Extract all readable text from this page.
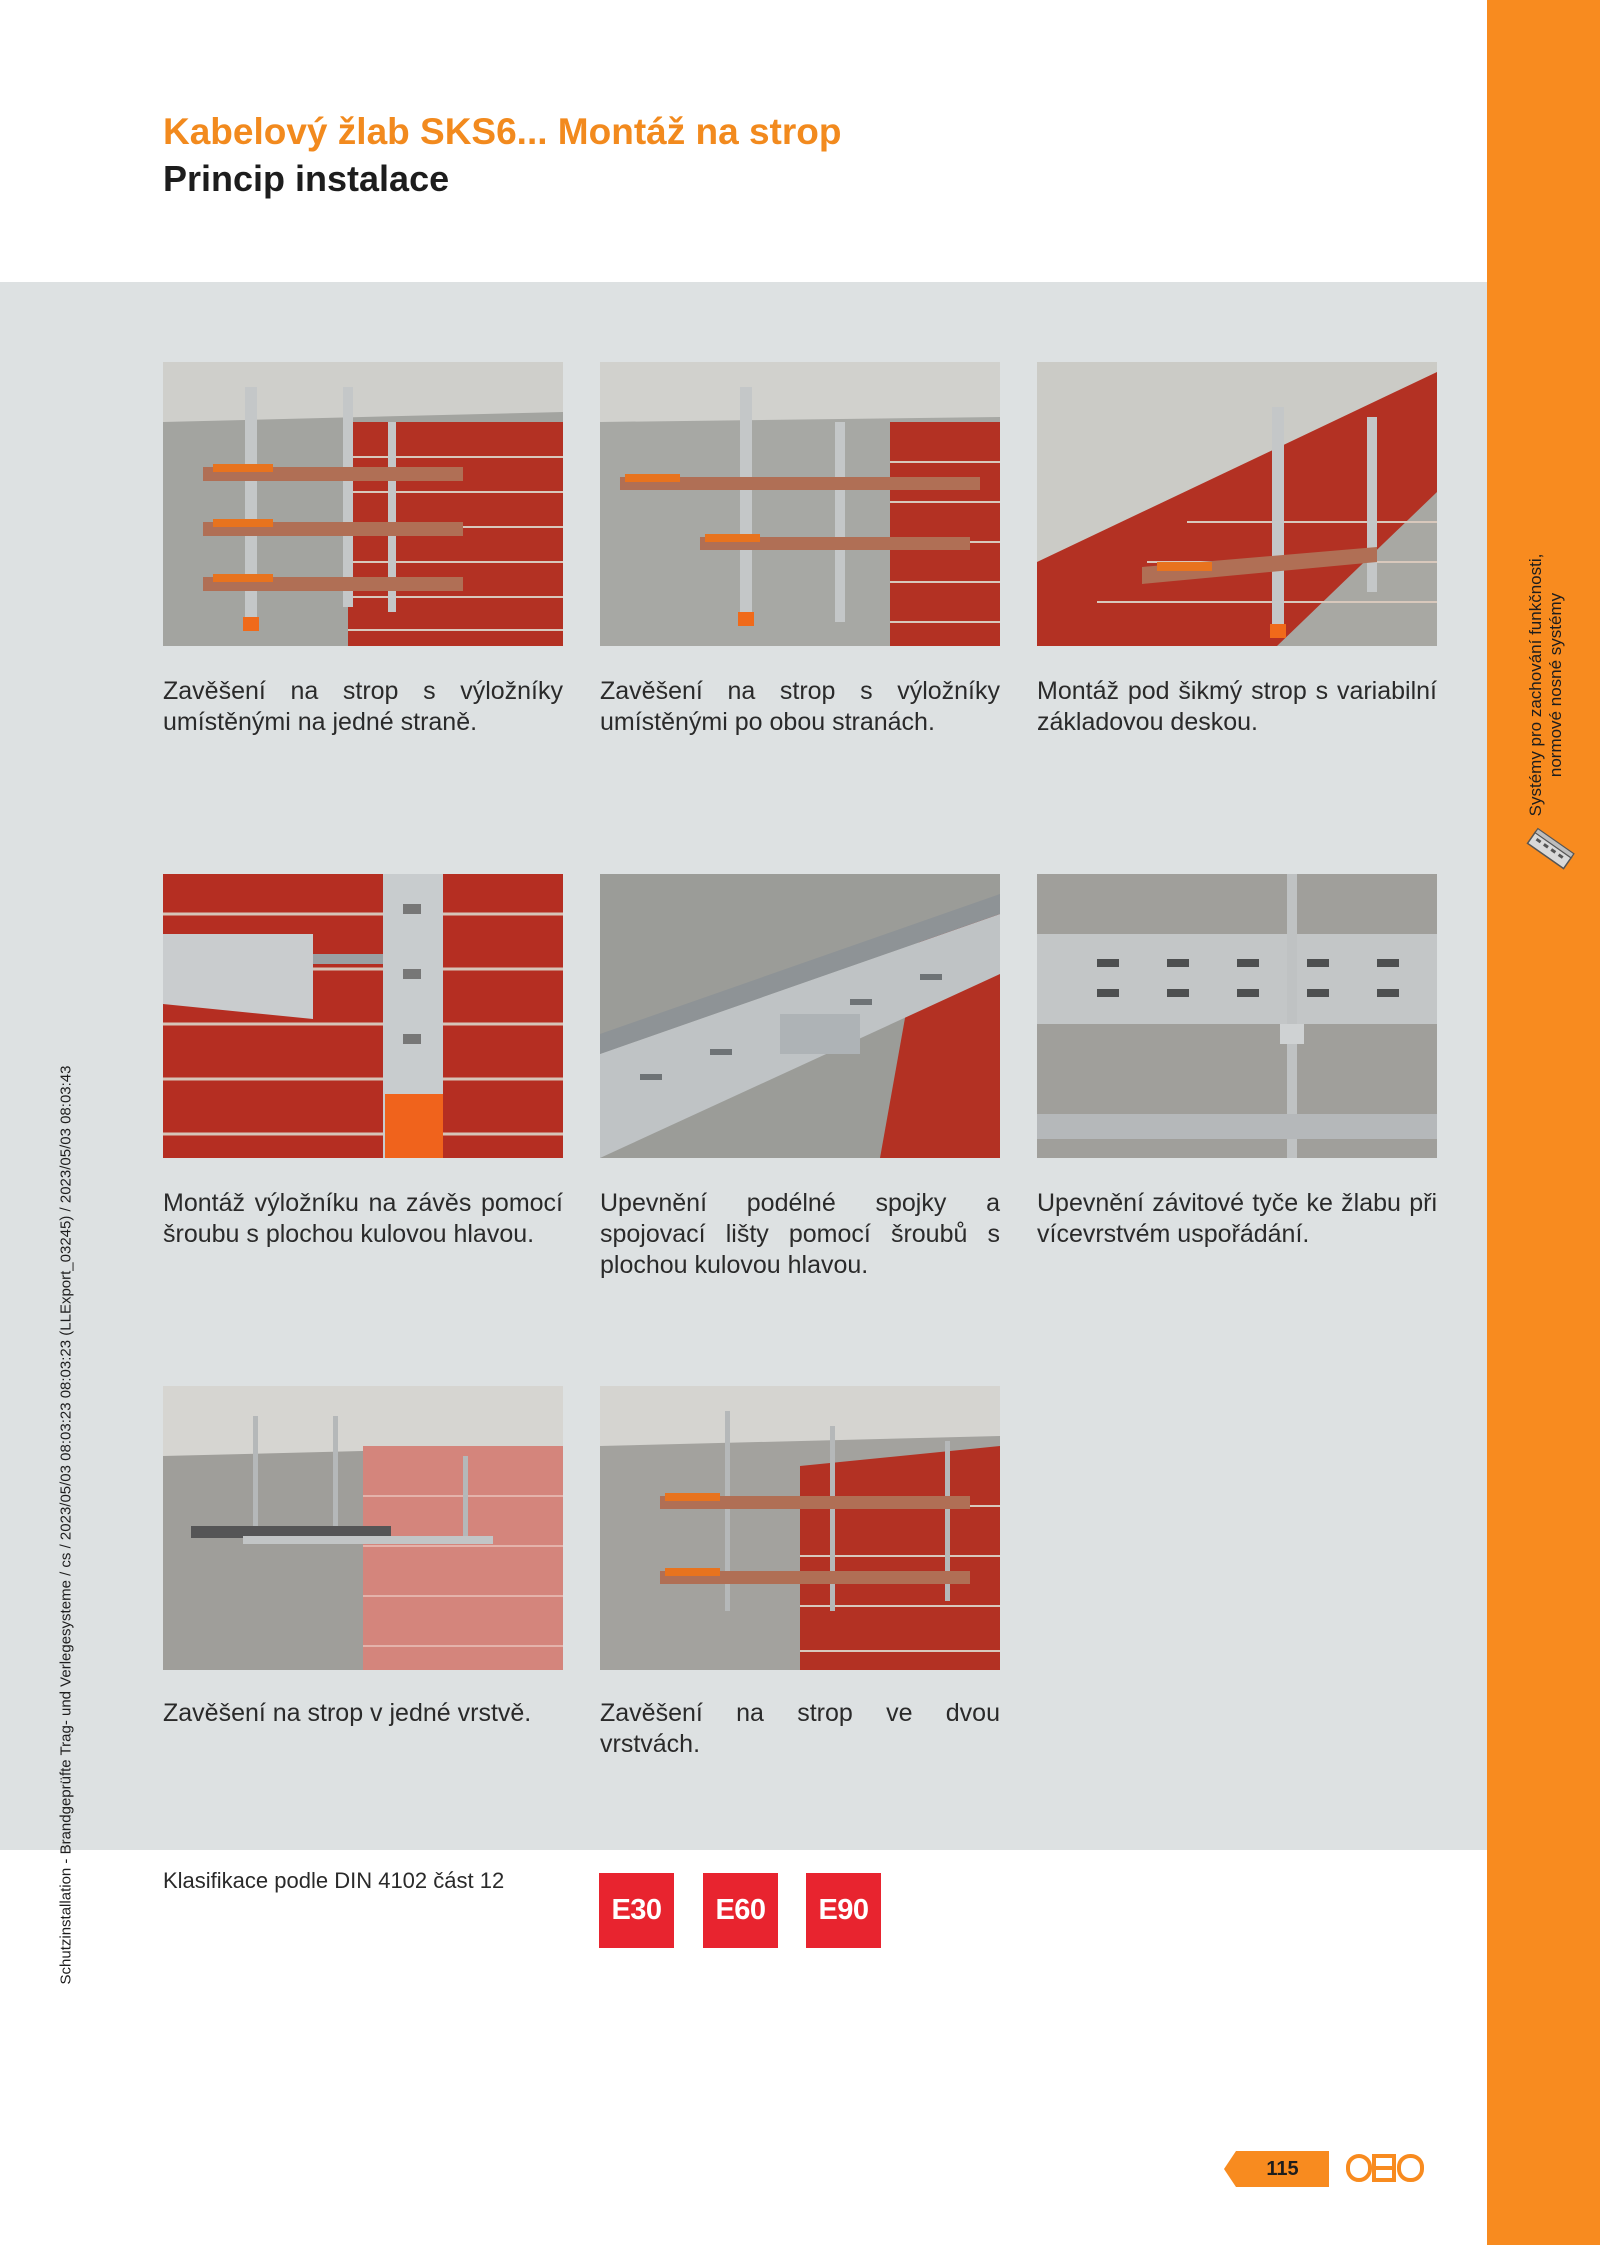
Kabelový žlab SKS6... Montáž na strop
Princip instalace
Systémy pro zachování funkčnosti, normové nosné systémy
Schutzinstallation - Brandgeprüfte Trag- und Verlegesysteme / cs / 2023/05/03 08:03:23 08:03:23 (LLExport_03245) / 2023/05/03 08:03:43
Zavěšení na strop s výložníky umístěnými na jedné straně.
Zavěšení na strop s výložníky umístěnými po obou stranách.
Montáž pod šikmý strop s variabilní základovou deskou.
Montáž výložníku na závěs pomocí šroubu s plochou kulovou hlavou.
Upevnění podélné spojky a spojovací lišty pomocí šroubů s plochou kulovou hlavou.
Upevnění závitové tyče ke žlabu při vícevrstvém uspořádání.
Zavěšení na strop v jedné vrstvě.	Zavěšení na strop ve dvou vrstvách.
Klasifikace podle DIN 4102 část 12
E30	E60	E90
115
